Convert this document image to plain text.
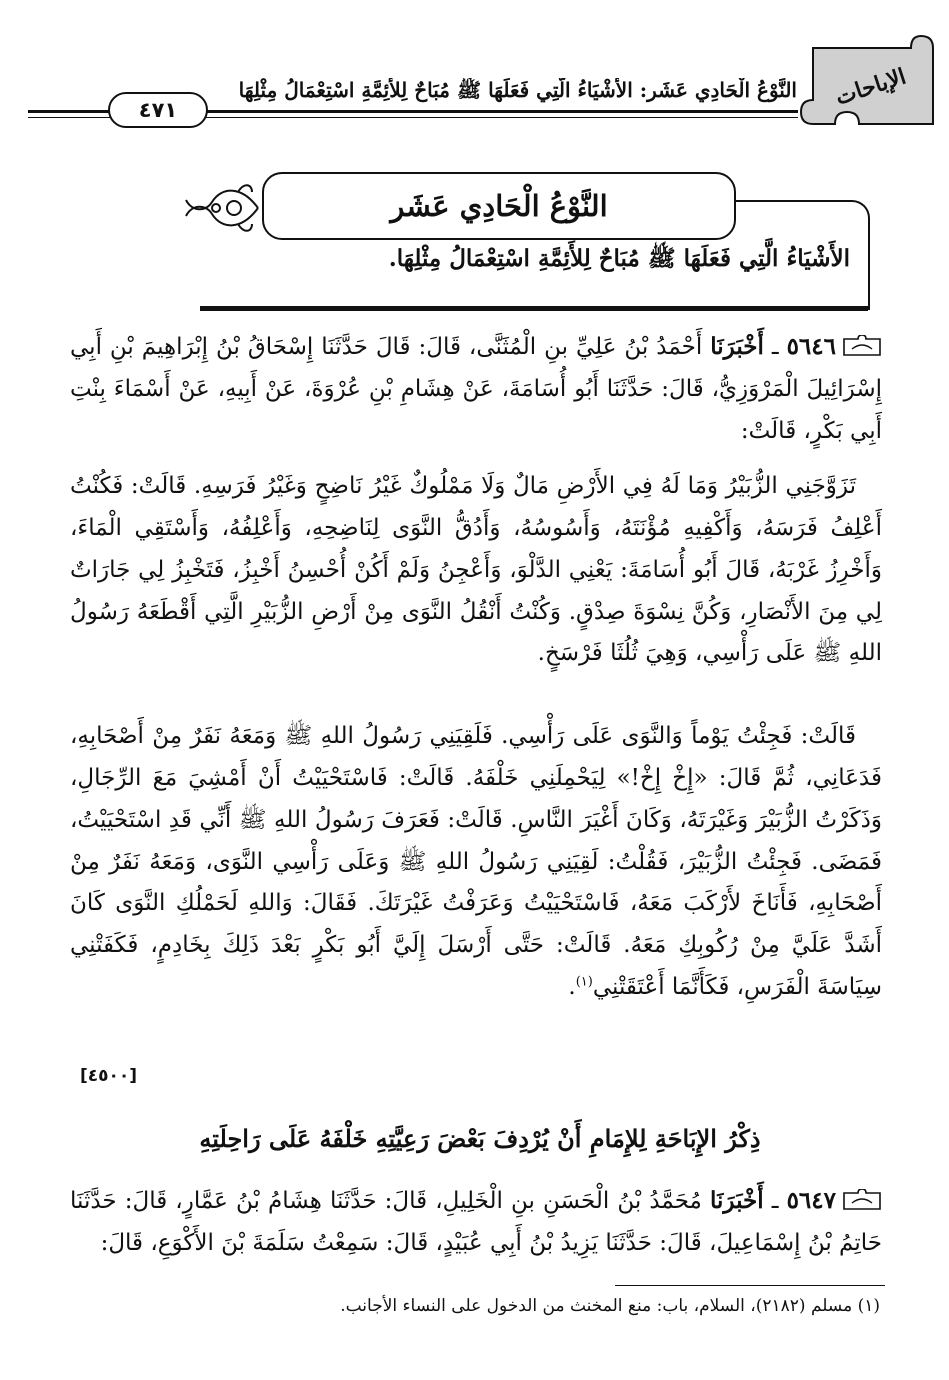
الإباحات
النَّوْعُ الْحَادِي عَشَر: الأشْيَاءُ الَّتِي فَعَلَهَا ﷺ مُبَاحٌ لِلأَئِمَّةِ اسْتِعْمَالُ مِثْلِهَا
٤٧١
النَّوْعُ الْحَادِي عَشَر
الأَشْيَاءُ الَّتِي فَعَلَهَا ﷺ مُبَاحٌ لِلأَئِمَّةِ اسْتِعْمَالُ مِثْلِهَا.

٥٦٤٦ ـ أَخْبَرَنَا أَحْمَدُ بْنُ عَلِيِّ بنِ الْمُثَنَّى، قَالَ: قَالَ حَدَّثَنَا إِسْحَاقُ بْنُ إِبْرَاهِيمَ بْنِ أَبِي إِسْرَائِيلَ الْمَرْوَزِيُّ، قَالَ: حَدَّثَنَا أَبُو أُسَامَةَ، عَنْ هِشَامِ بْنِ عُرْوَةَ، عَنْ أَبِيهِ، عَنْ أَسْمَاءَ بِنْتِ أَبِي بَكْرٍ، قَالَتْ:

تَزَوَّجَنِي الزُّبَيْرُ وَمَا لَهُ فِي الأَرْضِ مَالٌ وَلَا مَمْلُوكٌ غَيْرُ نَاضِحٍ وَغَيْرُ فَرَسِهِ. قَالَتْ: فَكُنْتُ أَعْلِفُ فَرَسَهُ، وَأَكْفِيهِ مُؤْنَتَهُ، وَأَسُوسُهُ، وَأَدُقُّ النَّوَى لِنَاضِحِهِ، وَأَعْلِفُهُ، وَأَسْتَقِي الْمَاءَ، وَأَخْرِزُ غَرْبَهُ، قَالَ أَبُو أُسَامَةَ: يَعْنِي الدَّلْوَ، وَأَعْجِنُ وَلَمْ أَكُنْ أُحْسِنُ أَخْبِزُ، فَتَخْبِزُ لِي جَارَاتٌ لِي مِنَ الأَنْصَارِ، وَكُنَّ نِسْوَةَ صِدْقٍ. وَكُنْتُ أَنْقُلُ النَّوَى مِنْ أَرْضِ الزُّبَيْرِ الَّتِي أَقْطَعَهُ رَسُولُ اللهِ ﷺ عَلَى رَأْسِي، وَهِيَ ثُلُثَا فَرْسَخٍ.

قَالَتْ: فَجِئْتُ يَوْماً وَالنَّوَى عَلَى رَأْسِي. فَلَقِيَنِي رَسُولُ اللهِ ﷺ وَمَعَهُ نَفَرٌ مِنْ أَصْحَابِهِ، فَدَعَانِي، ثُمَّ قَالَ: «إِخْ إِخْ!» لِيَحْمِلَنِي خَلْفَهُ. قَالَتْ: فَاسْتَحْيَيْتُ أَنْ أَمْشِيَ مَعَ الرِّجَالِ، وَذَكَرْتُ الزُّبَيْرَ وَغَيْرَتَهُ، وَكَانَ أَغْيَرَ النَّاسِ. قَالَتْ: فَعَرَفَ رَسُولُ اللهِ ﷺ أَنِّي قَدِ اسْتَحْيَيْتُ، فَمَضَى. فَجِئْتُ الزُّبَيْرَ، فَقُلْتُ: لَقِيَنِي رَسُولُ اللهِ ﷺ وَعَلَى رَأْسِي النَّوَى، وَمَعَهُ نَفَرٌ مِنْ أَصْحَابِهِ، فَأَنَاخَ لأَرْكَبَ مَعَهُ، فَاسْتَحْيَيْتُ وَعَرَفْتُ غَيْرَتَكَ. فَقَالَ: وَاللهِ لَحَمْلُكِ النَّوَى كَانَ أَشَدَّ عَلَيَّ مِنْ رُكُوبِكِ مَعَهُ. قَالَتْ: حَتَّى أَرْسَلَ إِلَيَّ أَبُو بَكْرٍ بَعْدَ ذَلِكَ بِخَادِمٍ، فَكَفَتْنِي سِيَاسَةَ الْفَرَسِ، فَكَأَنَّمَا أَعْتَقَتْنِي$^{(١)}$.

[٤٥٠٠]
ذِكْرُ الإِبَاحَةِ لِلإِمَامِ أَنْ يُرْدِفَ بَعْضَ رَعِيَّتِهِ خَلْفَهُ عَلَى رَاحِلَتِهِ

٥٦٤٧ ـ أَخْبَرَنَا مُحَمَّدُ بْنُ الْحَسَنِ بنِ الْخَلِيلِ، قَالَ: حَدَّثَنَا هِشَامُ بْنُ عَمَّارٍ، قَالَ: حَدَّثَنَا حَاتِمُ بْنُ إِسْمَاعِيلَ، قَالَ: حَدَّثَنَا يَزِيدُ بْنُ أَبِي عُبَيْدٍ، قَالَ: سَمِعْتُ سَلَمَةَ بْنَ الأَكْوَعِ، قَالَ:

(١) مسلم (٢١٨٢)، السلام، باب: منع المخنث من الدخول على النساء الأجانب.
